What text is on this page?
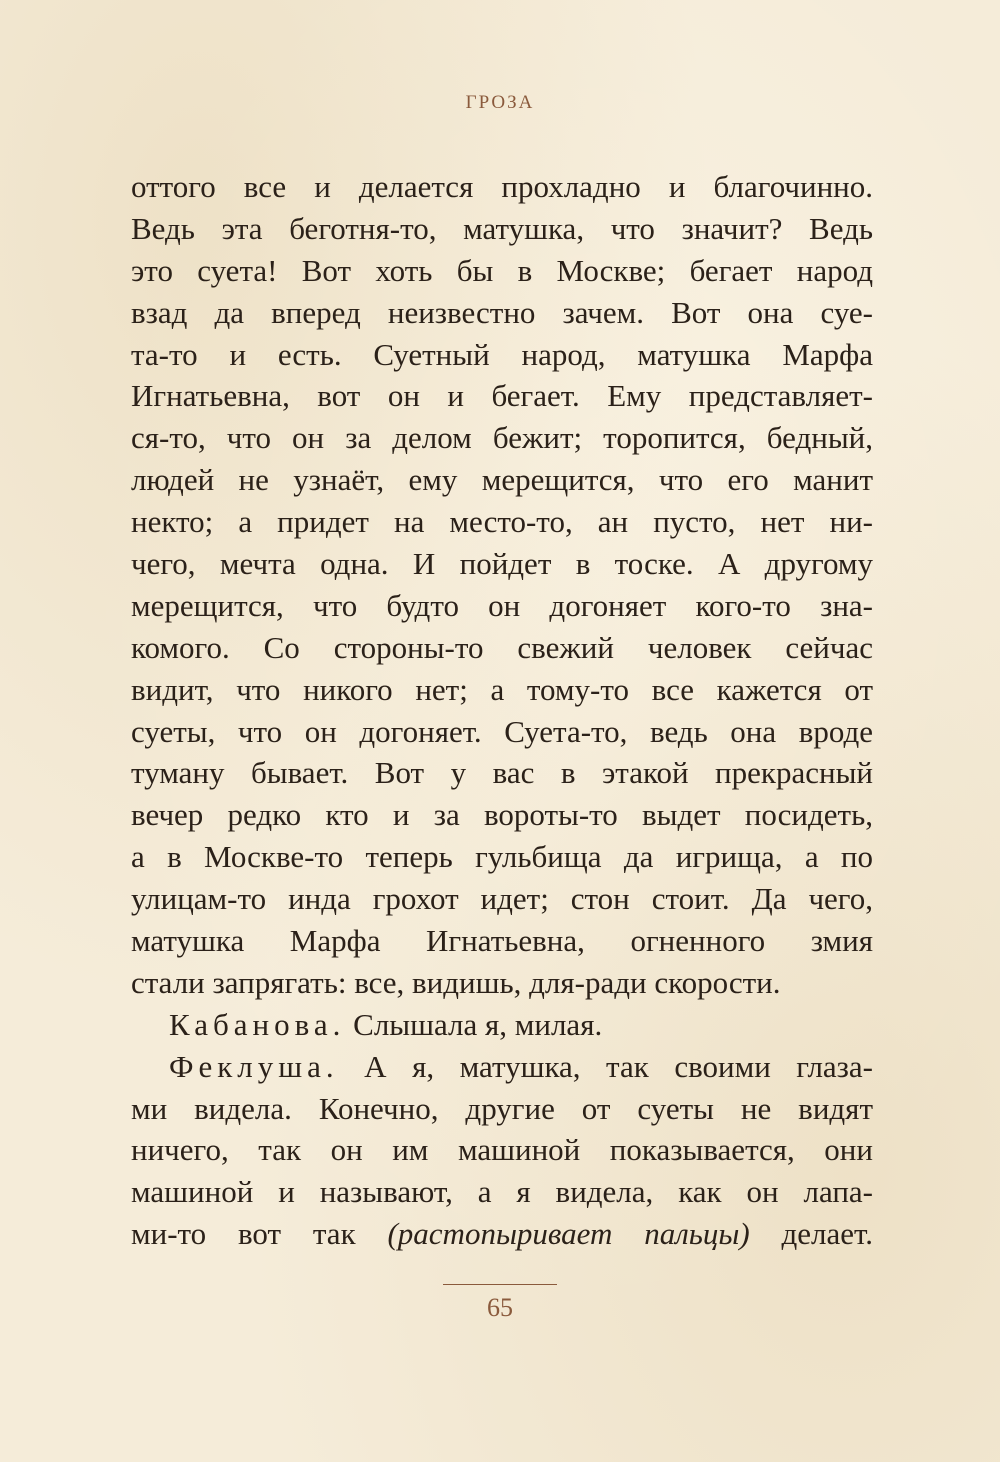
ГРОЗА
оттого все и делается прохладно и благочинно.
Ведь эта беготня-то, матушка, что значит? Ведь
это суета! Вот хоть бы в Москве; бегает народ
взад да вперед неизвестно зачем. Вот она суе-
та-то и есть. Суетный народ, матушка Марфа
Игнатьевна, вот он и бегает. Ему представляет-
ся-то, что он за делом бежит; торопится, бедный,
людей не узнаёт, ему мерещится, что его манит
некто; а придет на место-то, ан пусто, нет ни-
чего, мечта одна. И пойдет в тоске. А другому
мерещится, что будто он догоняет кого-то зна-
комого. Со стороны-то свежий человек сейчас
видит, что никого нет; а тому-то все кажется от
суеты, что он догоняет. Суета-то, ведь она вроде
туману бывает. Вот у вас в этакой прекрасный
вечер редко кто и за вороты-то выдет посидеть,
а в Москве-то теперь гульбища да игрища, а по
улицам-то инда грохот идет; стон стоит. Да чего,
матушка Марфа Игнатьевна, огненного змия
стали запрягать: все, видишь, для-ради скорости.
Кабанова. Слышала я, милая.
Феклуша. А я, матушка, так своими глаза-
ми видела. Конечно, другие от суеты не видят
ничего, так он им машиной показывается, они
машиной и называют, а я видела, как он лапа-
ми-то вот так (растопыривает пальцы) делает.
65
